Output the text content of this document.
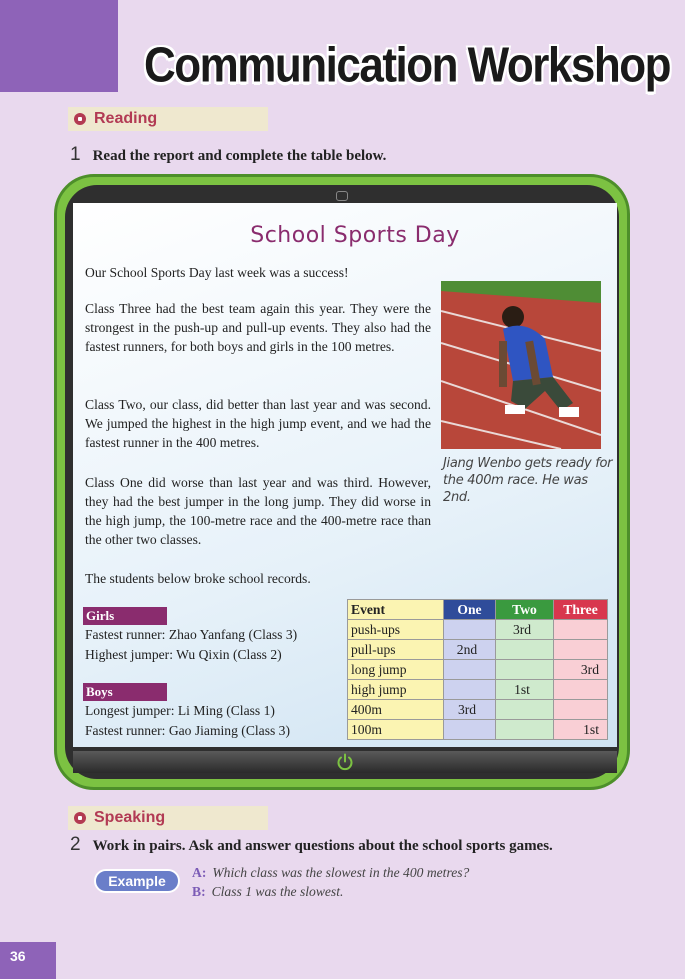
Communication Workshop
Reading
1 Read the report and complete the table below.
School Sports Day
Our School Sports Day last week was a success!
Class Three had the best team again this year. They were the strongest in the push-up and pull-up events. They also had the fastest runners, for both boys and girls in the 100 metres.
Class Two, our class, did better than last year and was second. We jumped the highest in the high jump event, and we had the fastest runner in the 400 metres.
Class One did worse than last year and was third. However, they had the best jumper in the long jump. They did worse in the high jump, the 100-metre race and the 400-metre race than the other two classes.
The students below broke school records.
Jiang Wenbo gets ready for the 400m race. He was 2nd.
Girls
Fastest runner: Zhao Yanfang (Class 3)
Highest jumper: Wu Qixin (Class 2)
Boys
Longest jumper: Li Ming (Class 1)
Fastest runner: Gao Jiaming (Class 3)
Event	One	Two	Three
push-ups		3rd	
pull-ups	2nd		
long jump			3rd
high jump		1st	
400m	3rd		
100m			1st
Speaking
2 Work in pairs. Ask and answer questions about the school sports games.
Example
A: Which class was the slowest in the 400 metres?
B: Class 1 was the slowest.
36
